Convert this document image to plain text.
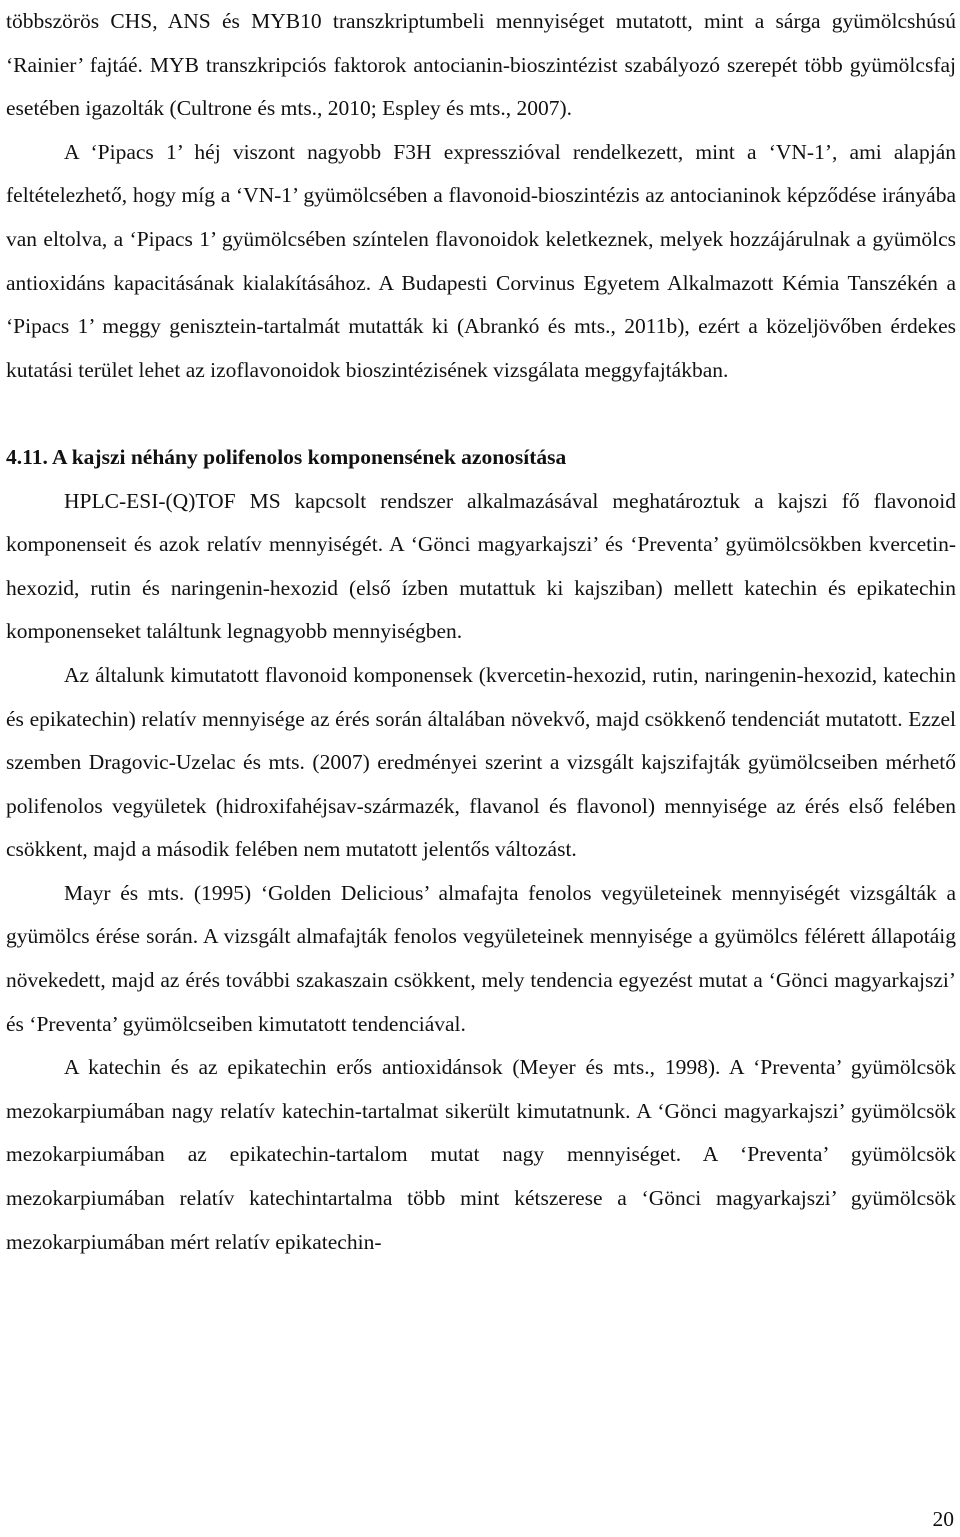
többszörös CHS, ANS és MYB10 transzkriptumbeli mennyiséget mutatott, mint a sárga gyümölcshúsú ‘Rainier’ fajtáé. MYB transzkripciós faktorok antocianin-bioszintézist szabályozó szerepét több gyümölcsfaj esetében igazolták (Cultrone és mts., 2010; Espley és mts., 2007).

A ‘Pipacs 1’ héj viszont nagyobb F3H expresszióval rendelkezett, mint a ‘VN-1’, ami alapján feltételezhető, hogy míg a ‘VN-1’ gyümölcsében a flavonoid-bioszintézis az antocianinok képződése irányába van eltolva, a ‘Pipacs 1’ gyümölcsében színtelen flavonoidok keletkeznek, melyek hozzájárulnak a gyümölcs antioxidáns kapacitásának kialakításához. A Budapesti Corvinus Egyetem Alkalmazott Kémia Tanszékén a ‘Pipacs 1’ meggy genisztein-tartalmát mutatták ki (Abrankó és mts., 2011b), ezért a közeljövőben érdekes kutatási terület lehet az izoflavonoidok bioszintézisének vizsgálata meggyfajtákban.

4.11. A kajszi néhány polifenolos komponensének azonosítása

HPLC-ESI-(Q)TOF MS kapcsolt rendszer alkalmazásával meghatároztuk a kajszi fő flavonoid komponenseit és azok relatív mennyiségét. A ‘Gönci magyarkajszi’ és ‘Preventa’ gyümölcsökben kvercetin-hexozid, rutin és naringenin-hexozid (első ízben mutattuk ki kajsziban) mellett katechin és epikatechin komponenseket találtunk legnagyobb mennyiségben.

Az általunk kimutatott flavonoid komponensek (kvercetin-hexozid, rutin, naringenin-hexozid, katechin és epikatechin) relatív mennyisége az érés során általában növekvő, majd csökkenő tendenciát mutatott. Ezzel szemben Dragovic-Uzelac és mts. (2007) eredményei szerint a vizsgált kajszifajták gyümölcseiben mérhető polifenolos vegyületek (hidroxifahéjsav-származék, flavanol és flavonol) mennyisége az érés első felében csökkent, majd a második felében nem mutatott jelentős változást.

Mayr és mts. (1995) ‘Golden Delicious’ almafajta fenolos vegyületeinek mennyiségét vizsgálták a gyümölcs érése során. A vizsgált almafajták fenolos vegyületeinek mennyisége a gyümölcs félérett állapotáig növekedett, majd az érés további szakaszain csökkent, mely tendencia egyezést mutat a ‘Gönci magyarkajszi’ és ‘Preventa’ gyümölcseiben kimutatott tendenciával.

A katechin és az epikatechin erős antioxidánsok (Meyer és mts., 1998). A ‘Preventa’ gyümölcsök mezokarpiumában nagy relatív katechin-tartalmat sikerült kimutatnunk. A ‘Gönci magyarkajszi’ gyümölcsök mezokarpiumában az epikatechin-tartalom mutat nagy mennyiséget. A ‘Preventa’ gyümölcsök mezokarpiumában relatív katechintartalma több mint kétszerese a ‘Gönci magyarkajszi’ gyümölcsök mezokarpiumában mért relatív epikatechin-

20
